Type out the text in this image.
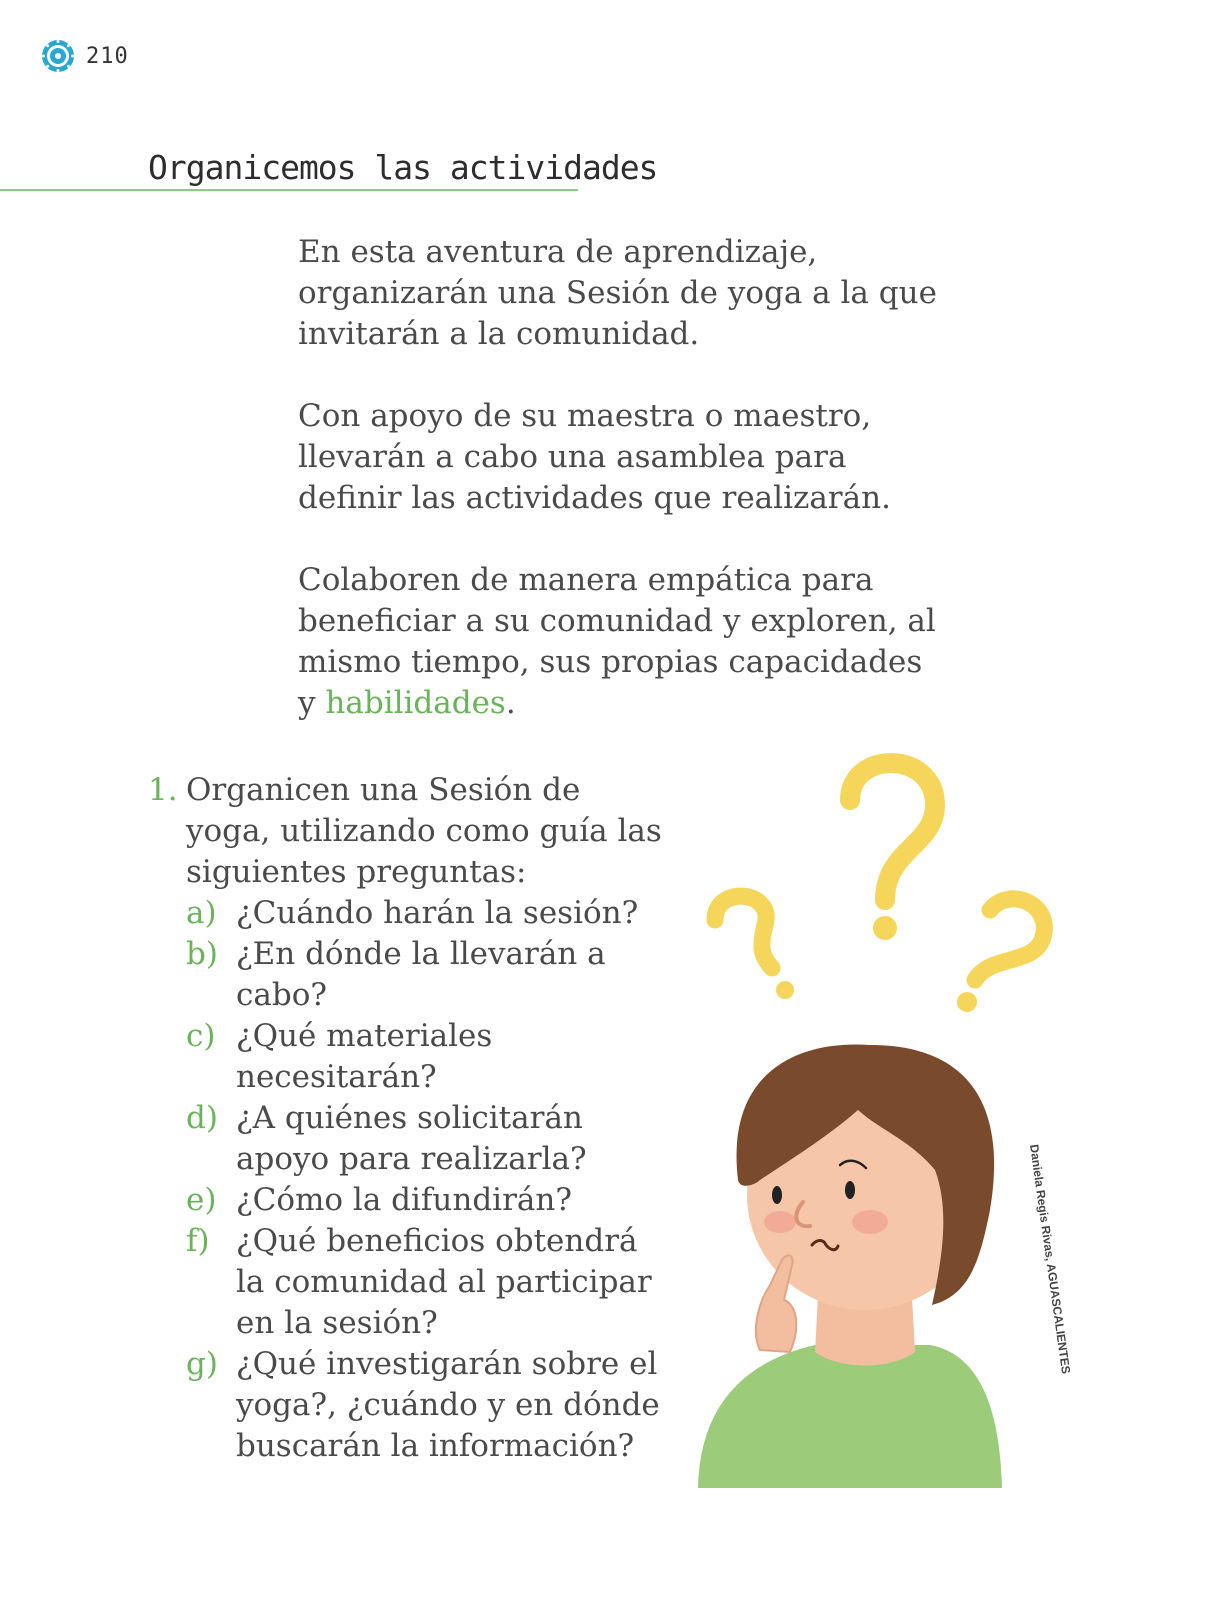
210
Organicemos las actividades

En esta aventura de aprendizaje, organizarán una Sesión de yoga a la que invitarán a la comunidad.

Con apoyo de su maestra o maestro, llevarán a cabo una asamblea para definir las actividades que realizarán.

Colaboren de manera empática para beneficiar a su comunidad y exploren, al mismo tiempo, sus propias capacidades y habilidades.

1. Organicen una Sesión de yoga, utilizando como guía las siguientes preguntas:
a) ¿Cuándo harán la sesión?
b) ¿En dónde la llevarán a cabo?
c) ¿Qué materiales necesitarán?
d) ¿A quiénes solicitarán apoyo para realizarla?
e) ¿Cómo la difundirán?
f) ¿Qué beneficios obtendrá la comunidad al participar en la sesión?
g) ¿Qué investigarán sobre el yoga?, ¿cuándo y en dónde buscarán la información?
Daniela Regis Rivas, AGUASCALIENTES
